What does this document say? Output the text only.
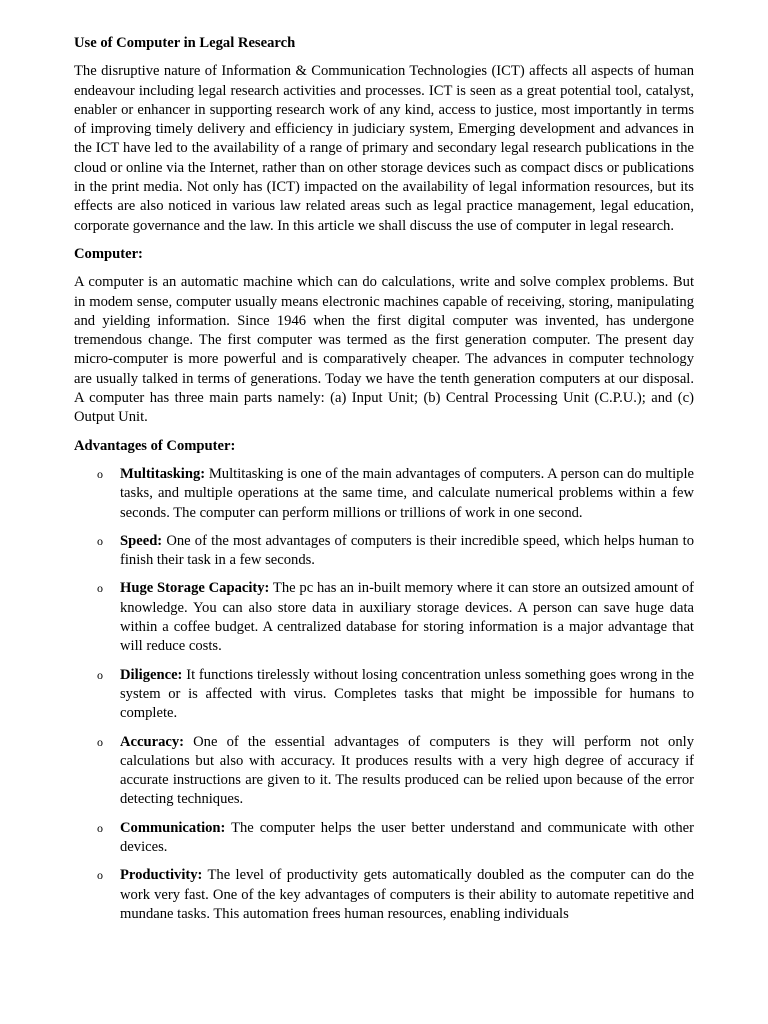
Use of Computer in Legal Research

The disruptive nature of Information & Communication Technologies (ICT) affects all aspects of human endeavour including legal research activities and processes. ICT is seen as a great potential tool, catalyst, enabler or enhancer in supporting research work of any kind, access to justice, most importantly in terms of improving timely delivery and efficiency in judiciary system, Emerging development and advances in the ICT have led to the availability of a range of primary and secondary legal research publications in the cloud or online via the Internet, rather than on other storage devices such as compact discs or publications in the print media. Not only has (ICT) impacted on the availability of legal information resources, but its effects are also noticed in various law related areas such as legal practice management, legal education, corporate governance and the law. In this article we shall discuss the use of computer in legal research.

Computer:

A computer is an automatic machine which can do calculations, write and solve complex problems. But in modem sense, computer usually means electronic machines capable of receiving, storing, manipulating and yielding information. Since 1946 when the first digital computer was invented, has undergone tremendous change. The first computer was termed as the first generation computer. The present day micro-computer is more powerful and is comparatively cheaper. The advances in computer technology are usually talked in terms of generations. Today we have the tenth generation computers at our disposal. A computer has three main parts namely: (a) Input Unit; (b) Central Processing Unit (C.P.U.); and (c) Output Unit.

Advantages of Computer:
o Multitasking: Multitasking is one of the main advantages of computers. A person can do multiple tasks, and multiple operations at the same time, and calculate numerical problems within a few seconds. The computer can perform millions or trillions of work in one second.
o Speed: One of the most advantages of computers is their incredible speed, which helps human to finish their task in a few seconds.
o Huge Storage Capacity: The pc has an in-built memory where it can store an outsized amount of knowledge. You can also store data in auxiliary storage devices. A person can save huge data within a coffee budget. A centralized database for storing information is a major advantage that will reduce costs.
o Diligence: It functions tirelessly without losing concentration unless something goes wrong in the system or is affected with virus. Completes tasks that might be impossible for humans to complete.
o Accuracy: One of the essential advantages of computers is they will perform not only calculations but also with accuracy. It produces results with a very high degree of accuracy if accurate instructions are given to it. The results produced can be relied upon because of the error detecting techniques.
o Communication: The computer helps the user better understand and communicate with other devices.
o Productivity: The level of productivity gets automatically doubled as the computer can do the work very fast. One of the key advantages of computers is their ability to automate repetitive and mundane tasks. This automation frees human resources, enabling individuals
